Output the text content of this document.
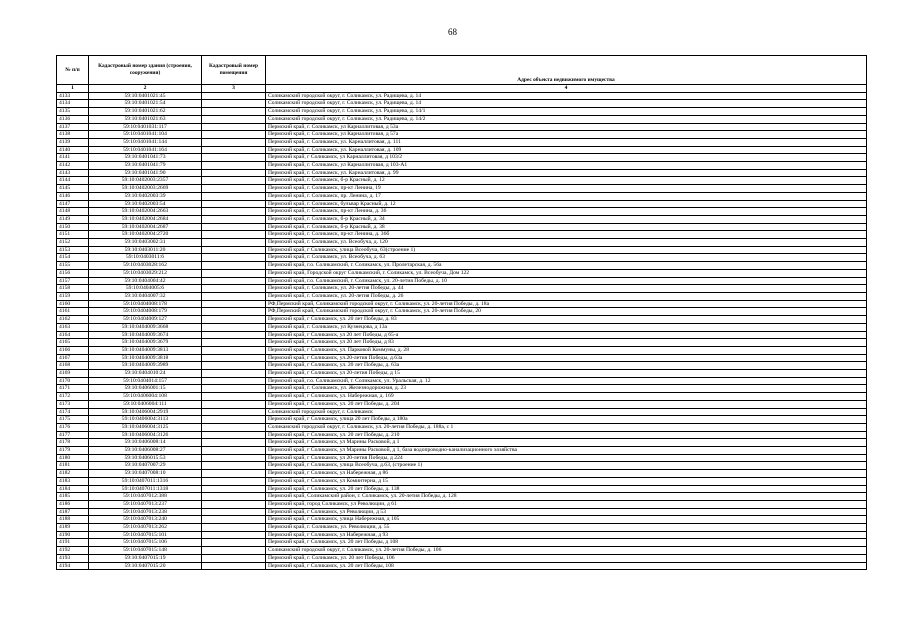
68
№ п/п	Кадастровый номер здания (строения, сооружения)	Кадастровый номер помещения	Адрес объекта недвижимого имущества
1	2	3	4
4133	59:10:0401021:45		Соликамский городской округ, г. Соликамск, ул. Радищева, д. 14
4134	59:10:0401021:54		Соликамский городской округ, г. Соликамск, ул. Радищева, д. 14
4135	59:10:0401021:62		Соликамский городской округ, г. Соликамск, ул. Радищева, д. 14/1
4136	59:10:0401021:63		Соликамский городской округ, г. Соликамск, ул. Радищева, д. 14/2
4137	59:10:0401031:117		Пермский край, г. Соликамск, ул Карналлитовая, д 53а
4138	59:10:0401041:104		Пермский край, г. Соликамск, ул Карналлитовая, д 57а
4139	59:10:0401041:144		Пермский край, г. Соликамск, ул. Карналлитовая, д. 111
4140	59:10:0401041:164		Пермский край, г. Соликамск, ул. Карналлитовая, д. 109
4141	59:10:0401041:73		Пермский край, г Соликамск, ул Карналлитовая, д 103/2
4142	59:10:0401041:79		Пермский край, г. Соликамск, ул Карналлитовая, д 103-А1
4143	59:10:0401041:90		Пермский край, г. Соликамск, ул. Карналлитовая, д. 99
4144	59:10:0402003:2357		Пермский край, г. Соликамск, б-р Красный, д. 12
4145	59:10:0402003:2669		Пермский край, г. Соликамск, пр-кт Ленина, 19
4146	59:10:0402003:39		Пермский край, г. Соликамск, пр. Ленина, д. 17
4147	59:10:0402003:54		Пермский край, г. Соликамск, бульвар Красный, д. 12
4148	59:10:0402004:2663		Пермский край, г. Соликамск, пр-кт Ленина, д. 36
4149	59:10:0402004:2684		Пермский край, г. Соликамск, б-р Красный, д. 34
4150	59:10:0402004:2687		Пермский край, г. Соликамск, б-р Красный, д. 38
4151	59:10:0402004:2720		Пермский край, г. Соликамск, пр-кт Ленина, д. 36б
4152	59:10:0403002:31		Пермский край, г. Соликамск, ул. Всеобуча, д. 120
4153	59:10:0403011:20		Пермский край, г Соликамск, улица Всеобуча, 63(строение 1)
4154	59:10:0403011:6		Пермский край, г. Соликамск, ул. Всеобуча, д. 63
4155	59:10:0403028:162		Пермский край, г.о. Соликамский, г. Соликамск, ул. Пролетарская, д. 56а
4156	59:10:0403029:212		Пермский край, Городской округ Соликамский, г. Соликамск, ул. Всеобуча, Дом 122
4157	59:10:0404004:42		Пермский край, г.о. Соликамский, г. Соликамск, ул. 20-летия Победы, д. 10
4158	59:10:0404005:6		Пермский край, г. Соликамск, ул. 20-летия Победы, д. 44
4159	59:10:0404007:32		Пермский край, г. Соликамск, ул. 20-летия Победы, д. 26
4160	59:10:0404008:178		РФ,Пермский край, Соликамский городской округ, г. Соликамск, ул. 20-летия Победы, д. 18а
4161	59:10:0404008:179		РФ,Пермский край, Соликамский городской округ, г. Соликамск, ул. 20-летия Победы, 20
4162	59:10:0404009:127		Пермский край, г Соликамск, ул. 20 лет Победы, д. 83
4163	59:10:0404009:3668		Пермский край, г. Соликамск, ул Кузнецова, д 13а
4164	59:10:0404009:3674		Пермский край, г Соликамск, ул 20 лет Победы, д 65-а
4165	59:10:0404009:3679		Пермский край, г Соликамск, ул 20 лет Победы, д 83
4166	59:10:0404009:3813		Пермский край, г Соликамск, ул. Парковой Коммуны, д. 28
4167	59:10:0404009:3818		Пермский край, г Соликамск, ул.20-летия Победы, д.63а
4168	59:10:0404009:3989		Пермский край, г Соликамск, ул. 20 лет Победы, д. 63а
4169	59:10:0404010:24		Пермский край, г Соликамск, ул 20-летия Победы, д 15
4170	59:10:0404014:157		Пермский край, г.о. Соликамский, г. Соликамск, ул. Уральская, д. 12
4171	59:10:0406001:15		Пермский край, г. Соликамск, ул. Железнодорожная, д. 23
4172	59:10:0406004:108		Пермский край, г Соликамск, ул. Набережная, д. 169
4173	59:10:0406004:111		Пермский край, г Соликамск, ул. 20 лет Победы, д. 204
4174	59:10:0406004:2919		Соликамский городской округ, г. Соликамск
4175	59:10:0406004:3113		Пермский край, г Соликамск, улица 20 лет Победы, д 180а
4176	59:10:0406004:3125		Соликамский городской округ, г. Соликамск, ул. 20-летия Победы, д. 188а, с 1
4177	59:10:0406004:3126		Пермский край, г Соликамск, ул. 20 лет Победы, д. 210
4178	59:10:0406008:14		Пермский край, г Соликамск, ул Марины Расковой, д 1
4179	59:10:0406008:27		Пермский край, г Соликамск, ул Марины Расковой, д 1, база водопроводно-канализационного хозяйства
4180	59:10:0406015:53		Пермский край, г Соликамск, ул 20-летия Победы, д 224
4181	59:10:0407007:29		Пермский край, г Соликамск, улица Всеобуча, д.63, (строение 1)
4182	59:10:0407008:10		Пермский край, г Соликамск, ул Набережная, д 86
4183	59:10:0407011:1316		Пермский край, г Соликамск, ул Коминтерна, д 15
4184	59:10:0407011:1318		Пермский край, г Соликамск, ул. 20 лет Победы, д. 138
4185	59:10:0407012:388		Пермский край, Соликамский район, г. Соликамск, ул. 20-летия Победы, д. 128
4186	59:10:0407013:237		Пермский край, город Соликамск, ул Революции, д 61
4187	59:10:0407013:238		Пермский край, г Соликамск, ул Революции, д 53
4188	59:10:0407013:240		Пермский край, г Соликамск, улица Набережная, д 105
4189	59:10:0407013:262		Пермский край, г. Соликамск, ул. Революции, д. 55
4190	59:10:0407015:101		Пермский край, г Соликамск, ул Набережная, д 93
4191	59:10:0407015:106		Пермский край, г Соликамск, ул. 20 лет Победы, д 108
4192	59:10:0407015:148		Соликамский городской округ, г. Соликамск, ул. 20-летия Победы, д. 106
4193	59:10:0407015:19		Пермский край, г. Соликамск, ул. 20 лет Победы, 106
4194	59:10:0407015:20		Пермский край, г Соликамск, ул. 20 лет Победы, 108
